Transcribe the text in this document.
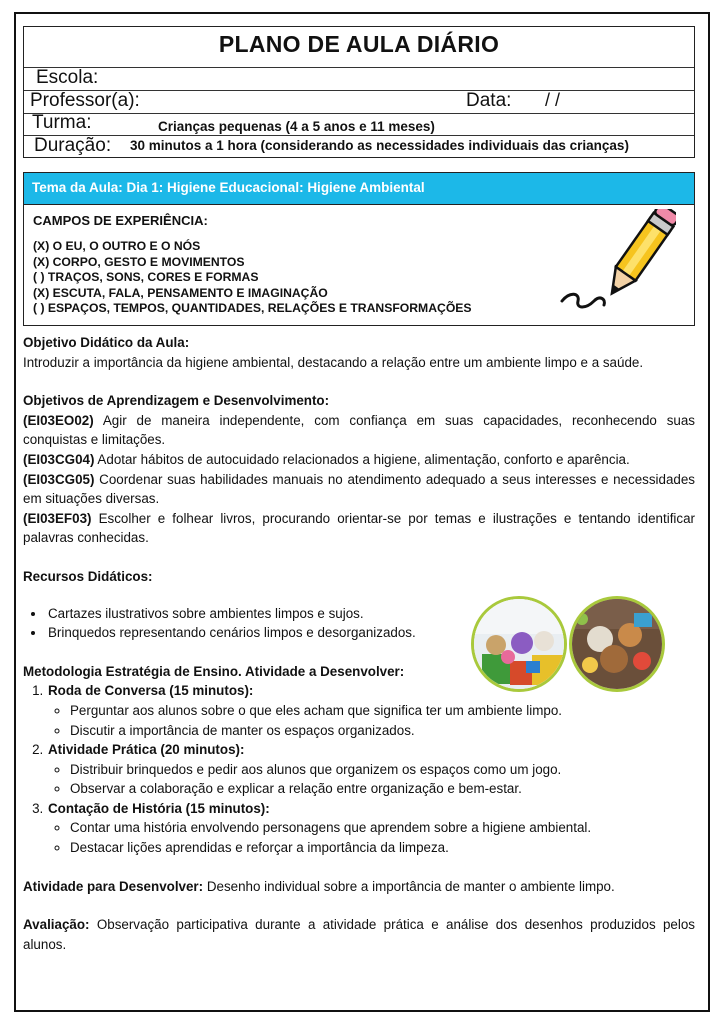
PLANO DE AULA DIÁRIO
Escola:
Professor(a):	Data: / /
Turma:	Crianças pequenas (4 a 5 anos e 11 meses)
Duração: 30 minutos a 1 hora (considerando as necessidades individuais das crianças)
Tema da Aula: Dia 1: Higiene Educacional: Higiene Ambiental
CAMPOS DE EXPERIÊNCIA:
(X) O EU, O OUTRO E O NÓS
(X) CORPO, GESTO E MOVIMENTOS
( ) TRAÇOS, SONS, CORES E FORMAS
(X) ESCUTA, FALA, PENSAMENTO E IMAGINAÇÃO
( ) ESPAÇOS, TEMPOS, QUANTIDADES, RELAÇÕES E TRANSFORMAÇÕES
Objetivo Didático da Aula:

Introduzir a importância da higiene ambiental, destacando a relação entre um ambiente limpo e a saúde.

Objetivos de Aprendizagem e Desenvolvimento:

(EI03EO02) Agir de maneira independente, com confiança em suas capacidades, reconhecendo suas conquistas e limitações.

(EI03CG04) Adotar hábitos de autocuidado relacionados a higiene, alimentação, conforto e aparência.

(EI03CG05) Coordenar suas habilidades manuais no atendimento adequado a seus interesses e necessidades em situações diversas.

(EI03EF03) Escolher e folhear livros, procurando orientar-se por temas e ilustrações e tentando identificar palavras conhecidas.

Recursos Didáticos:
• Cartazes ilustrativos sobre ambientes limpos e sujos.
• Brinquedos representando cenários limpos e desorganizados.
Metodologia Estratégia de Ensino. Atividade a Desenvolver:
1. Roda de Conversa (15 minutos):
◦ Perguntar aos alunos sobre o que eles acham que significa ter um ambiente limpo.
◦ Discutir a importância de manter os espaços organizados.
2. Atividade Prática (20 minutos):
◦ Distribuir brinquedos e pedir aos alunos que organizem os espaços como um jogo.
◦ Observar a colaboração e explicar a relação entre organização e bem-estar.
3. Contação de História (15 minutos):
◦ Contar uma história envolvendo personagens que aprendem sobre a higiene ambiental.
◦ Destacar lições aprendidas e reforçar a importância da limpeza.

Atividade para Desenvolver: Desenho individual sobre a importância de manter o ambiente limpo.

Avaliação: Observação participativa durante a atividade prática e análise dos desenhos produzidos pelos alunos.
